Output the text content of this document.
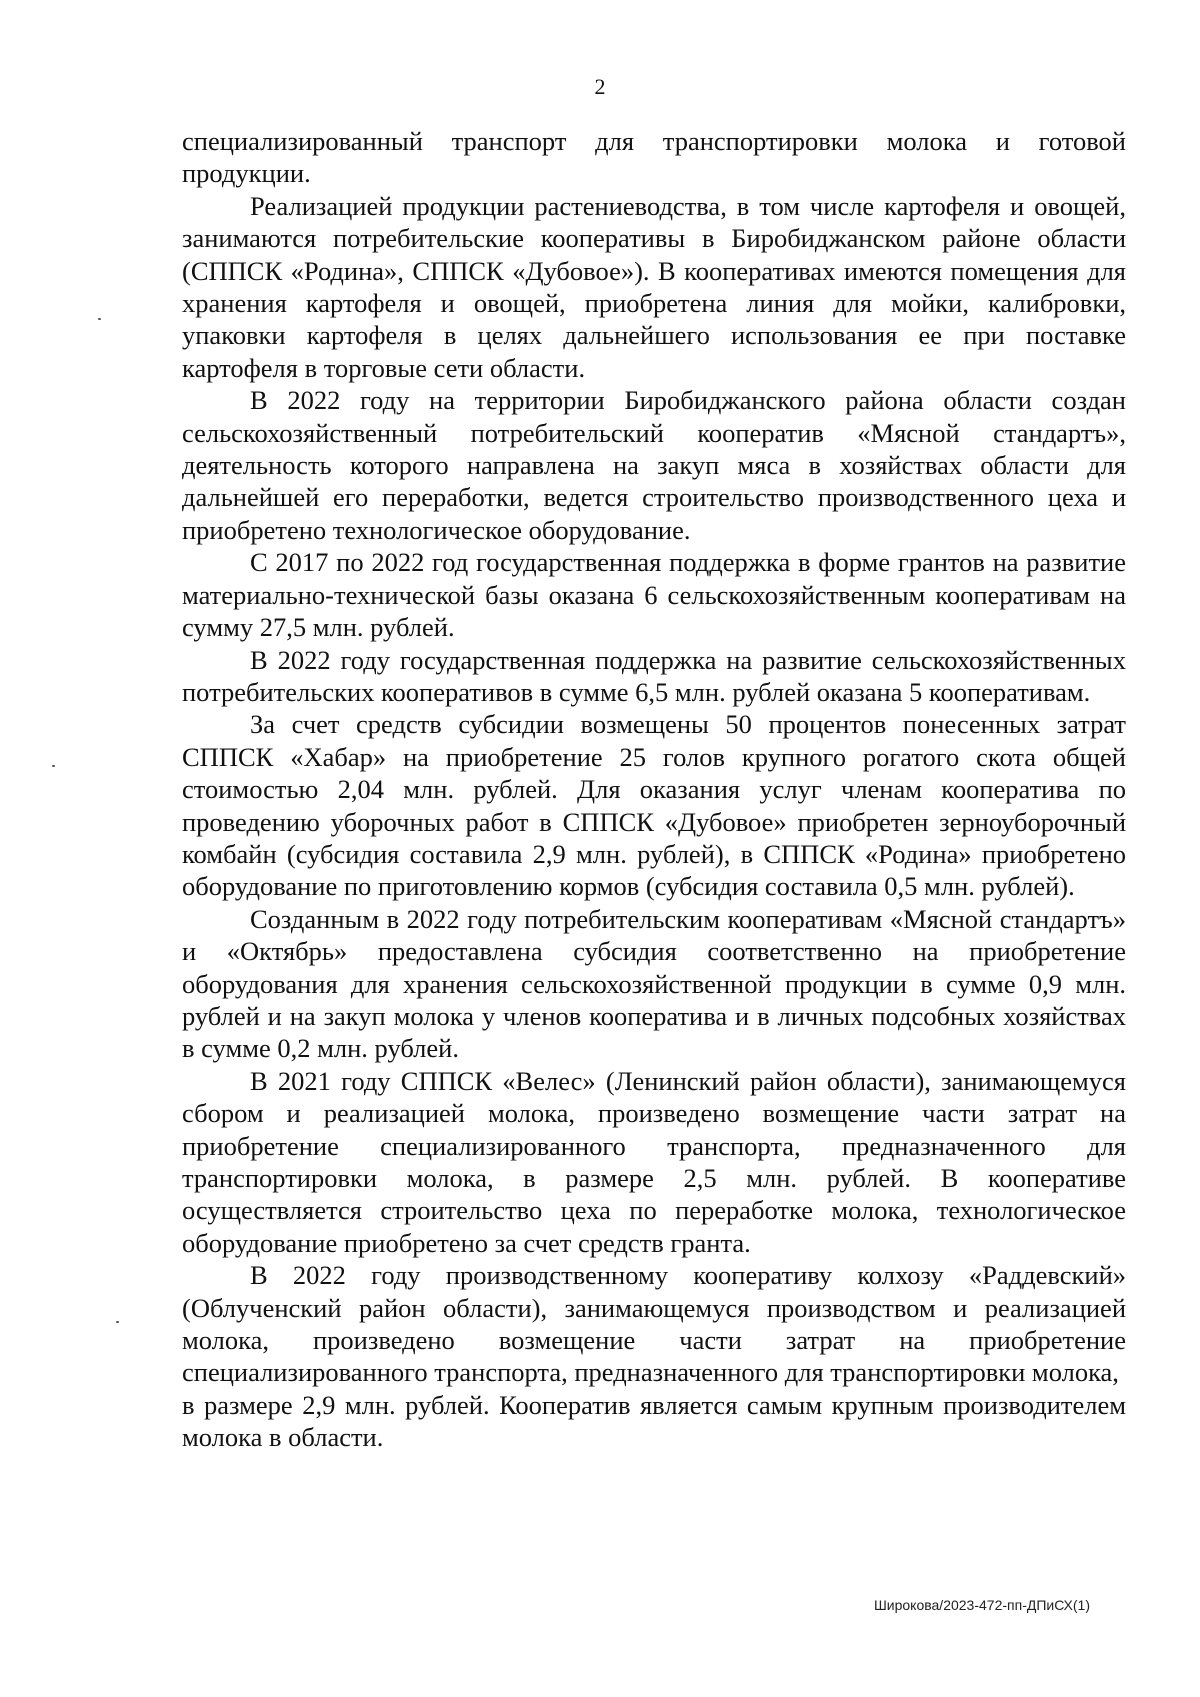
2

специализированный транспорт для транспортировки молока и готовой продукции.

Реализацией продукции растениеводства, в том числе картофеля и овощей, занимаются потребительские кооперативы в Биробиджанском районе области (СППСК «Родина», СППСК «Дубовое»). В кооперативах имеются помещения для хранения картофеля и овощей, приобретена линия для мойки, калибровки, упаковки картофеля в целях дальнейшего использования ее при поставке картофеля в торговые сети области.

В 2022 году на территории Биробиджанского района области создан сельскохозяйственный потребительский кооператив «Мясной стандартъ», деятельность которого направлена на закуп мяса в хозяйствах области для дальнейшей его переработки, ведется строительство производственного цеха и приобретено технологическое оборудование.

С 2017 по 2022 год государственная поддержка в форме грантов на развитие материально-технической базы оказана 6 сельскохозяйственным кооперативам на сумму 27,5 млн. рублей.

В 2022 году государственная поддержка на развитие сельскохозяйственных потребительских кооперативов в сумме 6,5 млн. рублей оказана 5 кооперативам.

За счет средств субсидии возмещены 50 процентов понесенных затрат СППСК «Хабар» на приобретение 25 голов крупного рогатого скота общей стоимостью 2,04 млн. рублей. Для оказания услуг членам кооператива по проведению уборочных работ в СППСК «Дубовое» приобретен зерноуборочный комбайн (субсидия составила 2,9 млн. рублей), в СППСК «Родина» приобретено оборудование по приготовлению кормов (субсидия составила 0,5 млн. рублей).

Созданным в 2022 году потребительским кооперативам «Мясной стандартъ» и «Октябрь» предоставлена субсидия соответственно на приобретение оборудования для хранения сельскохозяйственной продукции в сумме 0,9 млн. рублей и на закуп молока у членов кооператива и в личных подсобных хозяйствах в сумме 0,2 млн. рублей.

В 2021 году СППСК «Велес» (Ленинский район области), занимающемуся сбором и реализацией молока, произведено возмещение части затрат на приобретение специализированного транспорта, предназначенного для транспортировки молока, в размере 2,5 млн. рублей. В кооперативе осуществляется строительство цеха по переработке молока, технологическое оборудование приобретено за счет средств гранта.

В 2022 году производственному кооперативу колхозу «Раддевский» (Облученский район области), занимающемуся производством и реализацией молока, произведено возмещение части затрат на приобретение специализированного транспорта, предназначенного для транспортировки молока,

в размере 2,9 млн. рублей. Кооператив является самым крупным производителем молока в области.

Широкова/2023-472-пп-ДПиСХ(1)
